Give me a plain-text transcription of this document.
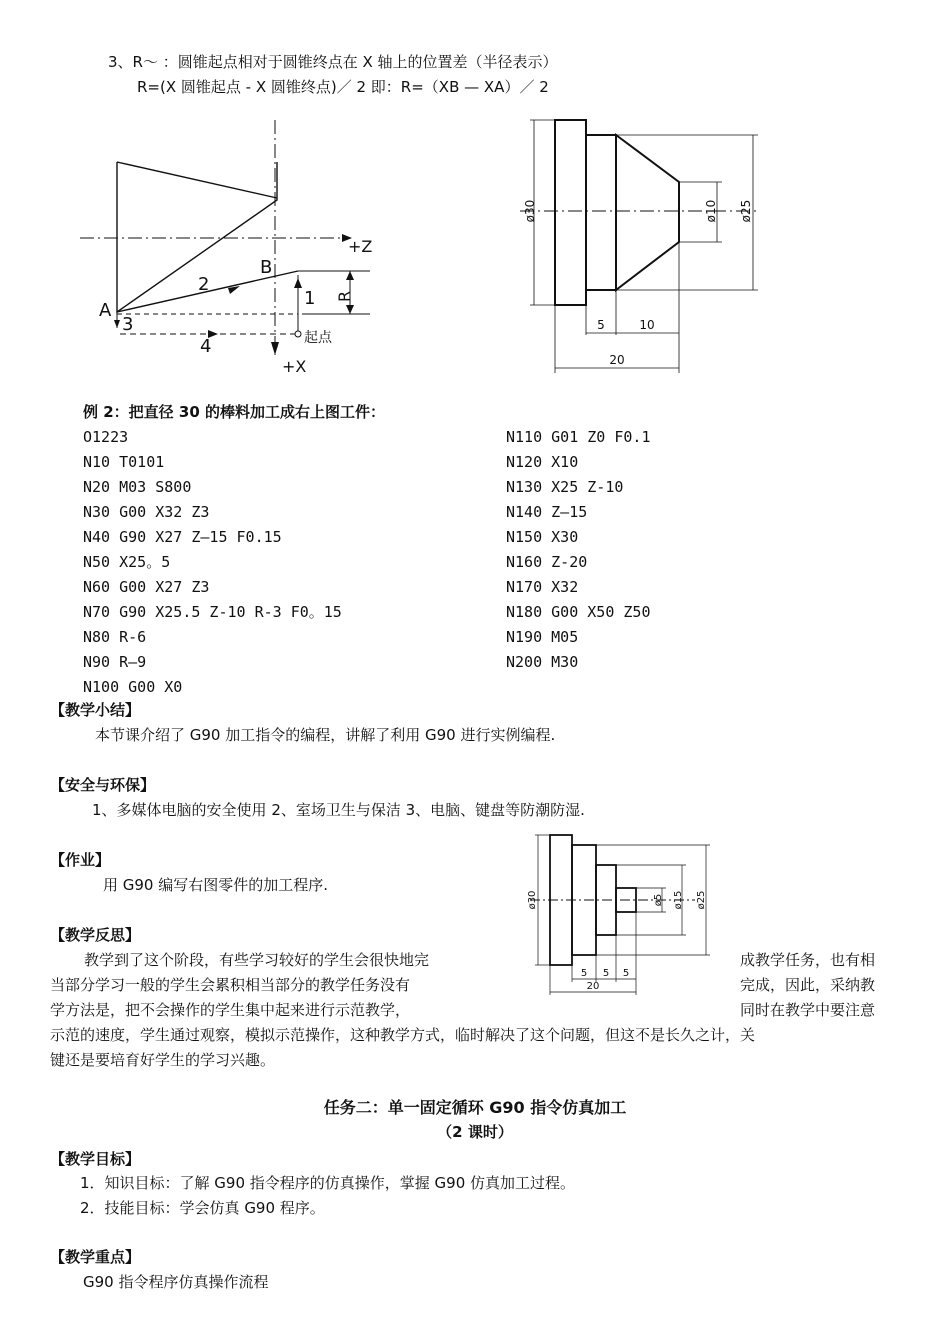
3、R～ ：圆锥起点相对于圆锥终点在 X 轴上的位置差（半径表示）
R=(X 圆锥起点 - X 圆锥终点)／ 2 即：R=（XB — XA）／ 2
A
B
1
2
3
4
R
+Z
+X
起点
ø30	ø10 ø25
5	10
20
例 2：把直径 30 的棒料加工成右上图工件：
O1223
N10 T0101
N20 M03 S800
N30 G00 X32 Z3
N40 G90 X27 Z—15 F0.15
N50 X25。5
N60 G00 X27 Z3
N70 G90 X25.5 Z-10 R-3 F0。15
N80 R-6
N90 R—9
N100 G00 X0
N110 G01 Z0 F0.1
N120 X10
N130 X25 Z-10
N140 Z—15
N150 X30
N160 Z-20
N170 X32
N180 G00 X50 Z50
N190 M05
N200 M30
【教学小结】
本节课介绍了 G90 加工指令的编程，讲解了利用 G90 进行实例编程.
【安全与环保】
1、多媒体电脑的安全使用 2、室场卫生与保洁 3、电脑、键盘等防潮防湿.
【作业】
用 G90 编写右图零件的加工程序.
ø30	ø5 ø15 ø25
5 5 5
20
【教学反思】
教学到了这个阶段，有些学习较好的学生会很快地完	成教学任务，也有相
当部分学习一般的学生会累积相当部分的教学任务没有	完成，因此，采纳教
学方法是，把不会操作的学生集中起来进行示范教学，	同时在教学中要注意
示范的速度，学生通过观察，模拟示范操作，这种教学方式，临时解决了这个问题，但这不是长久之计，关
键还是要培育好学生的学习兴趣。
任务二：单一固定循环 G90 指令仿真加工
（2 课时）
【教学目标】
1．知识目标：了解 G90 指令程序的仿真操作，掌握 G90 仿真加工过程。
2．技能目标：学会仿真 G90 程序。
【教学重点】
G90 指令程序仿真操作流程
